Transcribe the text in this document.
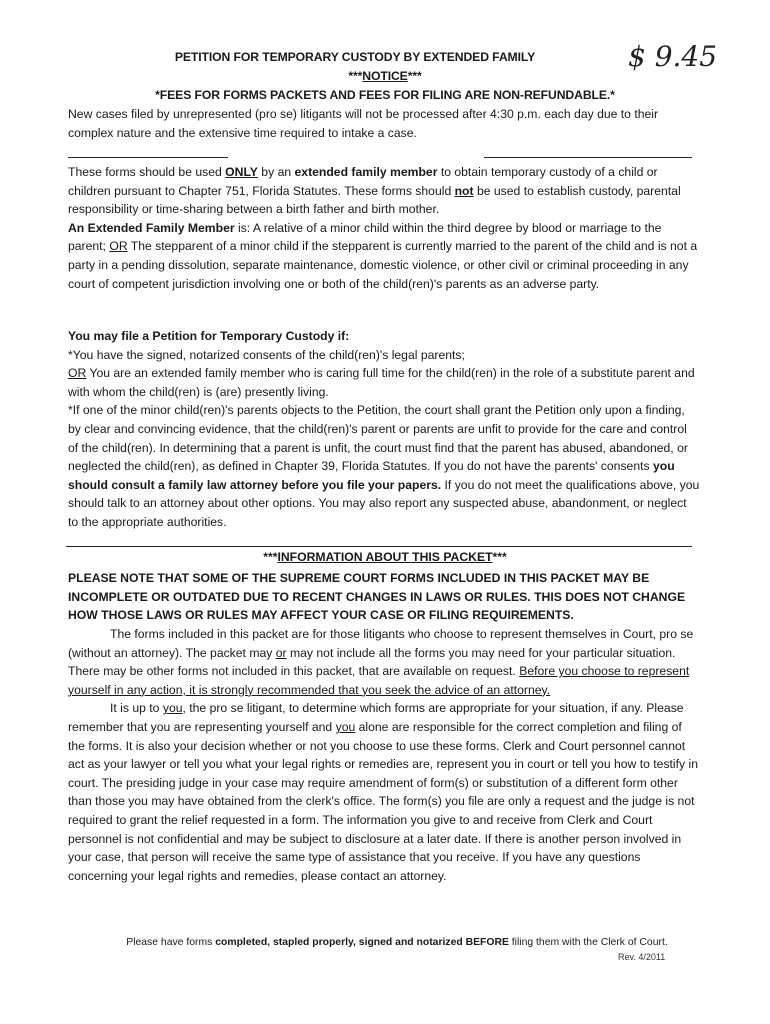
$ 9.45
PETITION FOR TEMPORARY CUSTODY BY EXTENDED FAMILY
***NOTICE***
*FEES FOR FORMS PACKETS AND FEES FOR FILING ARE NON-REFUNDABLE.*
New cases filed by unrepresented (pro se) litigants will not be processed after 4:30 p.m. each day due to their complex nature and the extensive time required to intake a case.

These forms should be used ONLY by an extended family member to obtain temporary custody of a child or children pursuant to Chapter 751, Florida Statutes. These forms should not be used to establish custody, parental responsibility or time-sharing between a birth father and birth mother.

An Extended Family Member is: A relative of a minor child within the third degree by blood or marriage to the parent; OR The stepparent of a minor child if the stepparent is currently married to the parent of the child and is not a party in a pending dissolution, separate maintenance, domestic violence, or other civil or criminal proceeding in any court of competent jurisdiction involving one or both of the child(ren)'s parents as an adverse party.

You may file a Petition for Temporary Custody if:

*You have the signed, notarized consents of the child(ren)'s legal parents;

OR You are an extended family member who is caring full time for the child(ren) in the role of a substitute parent and with whom the child(ren) is (are) presently living.

*If one of the minor child(ren)'s parents objects to the Petition, the court shall grant the Petition only upon a finding, by clear and convincing evidence, that the child(ren)'s parent or parents are unfit to provide for the care and control of the child(ren). In determining that a parent is unfit, the court must find that the parent has abused, abandoned, or neglected the child(ren), as defined in Chapter 39, Florida Statutes. If you do not have the parents' consents you should consult a family law attorney before you file your papers. If you do not meet the qualifications above, you should talk to an attorney about other options. You may also report any suspected abuse, abandonment, or neglect to the appropriate authorities.

***INFORMATION ABOUT THIS PACKET***
PLEASE NOTE THAT SOME OF THE SUPREME COURT FORMS INCLUDED IN THIS PACKET MAY BE INCOMPLETE OR OUTDATED DUE TO RECENT CHANGES IN LAWS OR RULES. THIS DOES NOT CHANGE HOW THOSE LAWS OR RULES MAY AFFECT YOUR CASE OR FILING REQUIREMENTS.

The forms included in this packet are for those litigants who choose to represent themselves in Court, pro se (without an attorney). The packet may or may not include all the forms you may need for your particular situation. There may be other forms not included in this packet, that are available on request. Before you choose to represent yourself in any action, it is strongly recommended that you seek the advice of an attorney.

It is up to you, the pro se litigant, to determine which forms are appropriate for your situation, if any. Please remember that you are representing yourself and you alone are responsible for the correct completion and filing of the forms. It is also your decision whether or not you choose to use these forms. Clerk and Court personnel cannot act as your lawyer or tell you what your legal rights or remedies are, represent you in court or tell you how to testify in court. The presiding judge in your case may require amendment of form(s) or substitution of a different form other than those you may have obtained from the clerk's office. The form(s) you file are only a request and the judge is not required to grant the relief requested in a form. The information you give to and receive from Clerk and Court personnel is not confidential and may be subject to disclosure at a later date. If there is another person involved in your case, that person will receive the same type of assistance that you receive. If you have any questions concerning your legal rights and remedies, please contact an attorney.

Please have forms completed, stapled properly, signed and notarized BEFORE filing them with the Clerk of Court.
Rev. 4/2011
